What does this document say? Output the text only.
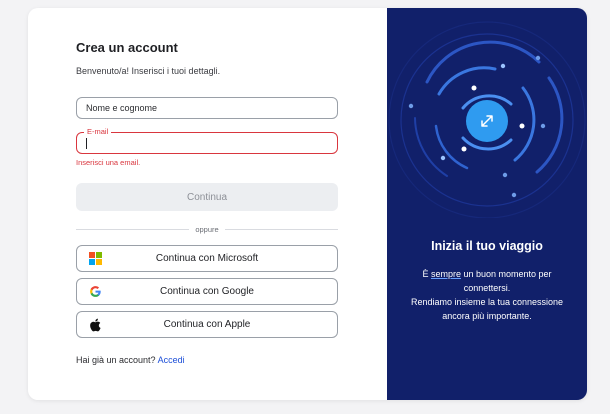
Crea un account
Benvenuto/a! Inserisci i tuoi dettagli.
Nome e cognome
E-mail
Inserisci una email.
Continua
oppure
Continua con Microsoft
Continua con Google
Continua con Apple
Hai già un account? Accedi
Inizia il tuo viaggio
È sempre un buon momento per connettersi.
Rendiamo insieme la tua connessione ancora più importante.
